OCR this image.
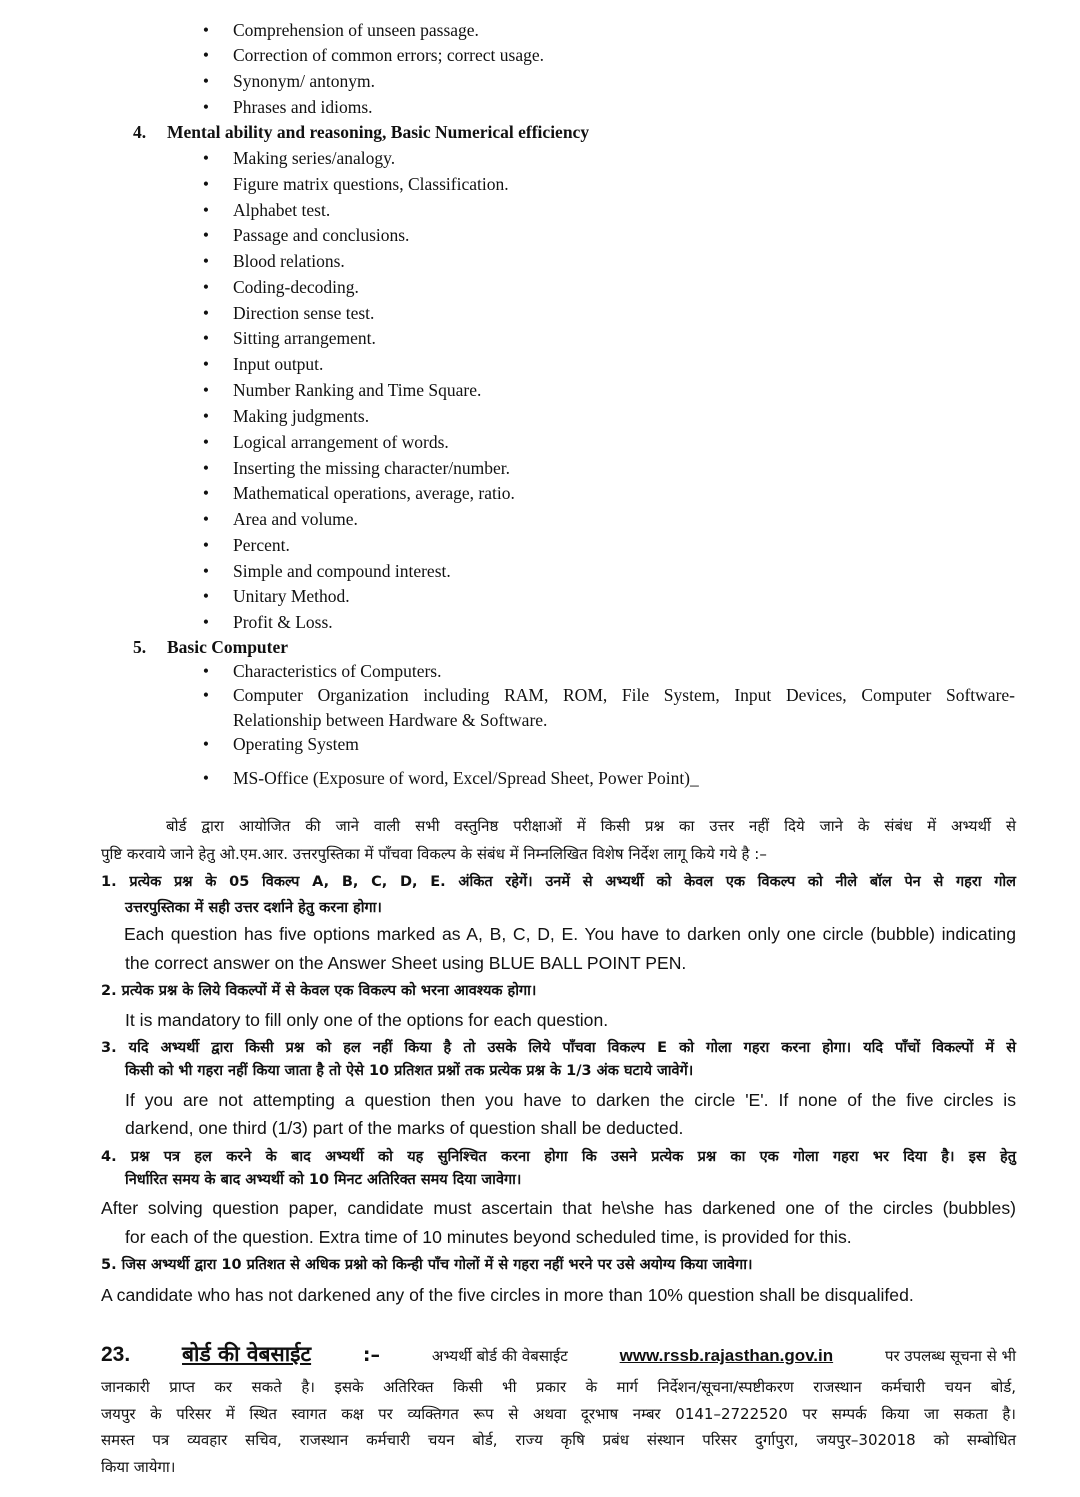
• Comprehension of unseen passage.
• Correction of common errors; correct usage.
• Synonym/ antonym.
• Phrases and idioms.
4. Mental ability and reasoning, Basic Numerical efficiency
• Making series/analogy.
• Figure matrix questions, Classification.
• Alphabet test.
• Passage and conclusions.
• Blood relations.
• Coding-decoding.
• Direction sense test.
• Sitting arrangement.
• Input output.
• Number Ranking and Time Square.
• Making judgments.
• Logical arrangement of words.
• Inserting the missing character/number.
• Mathematical operations, average, ratio.
• Area and volume.
• Percent.
• Simple and compound interest.
• Unitary Method.
• Profit & Loss.
5. Basic Computer
• Characteristics of Computers.
• Computer Organization including RAM, ROM, File System, Input Devices, Computer Software-
Relationship between Hardware & Software.
• Operating System
• MS-Office (Exposure of word, Excel/Spread Sheet, Power Point)_
बोर्ड द्वारा आयोजित की जाने वाली सभी वस्तुनिष्ठ परीक्षाओं में किसी प्रश्न का उत्तर नहीं दिये जाने के संबंध में अभ्यर्थी से
पुष्टि करवाये जाने हेतु ओ.एम.आर. उत्तरपुस्तिका में पाँचवा विकल्प के संबंध में निम्नलिखित विशेष निर्देश लागू किये गये है :–
1. प्रत्येक प्रश्न के 05 विकल्प A, B, C, D, E. अंकित रहेगें। उनमें से अभ्यर्थी को केवल एक विकल्प को नीले बॉल पेन से गहरा गोल
उत्तरपुस्तिका में सही उत्तर दर्शाने हेतु करना होगा।
Each question has five options marked as A, B, C, D, E. You have to darken only one circle (bubble) indicating
the correct answer on the Answer Sheet using BLUE BALL POINT PEN.
2. प्रत्येक प्रश्न के लिये विकल्पों में से केवल एक विकल्प को भरना आवश्यक होगा।
It is mandatory to fill only one of the options for each question.
3. यदि अभ्यर्थी द्वारा किसी प्रश्न को हल नहीं किया है तो उसके लिये पाँचवा विकल्प E को गोला गहरा करना होगा। यदि पाँचों विकल्पों में से
किसी को भी गहरा नहीं किया जाता है तो ऐसे 10 प्रतिशत प्रश्नों तक प्रत्येक प्रश्न के 1/3 अंक घटाये जावेगें।
If you are not attempting a question then you have to darken the circle 'E'. If none of the five circles is
darkend, one third (1/3) part of the marks of question shall be deducted.
4. प्रश्न पत्र हल करने के बाद अभ्यर्थी को यह सुनिश्चित करना होगा कि उसने प्रत्येक प्रश्न का एक गोला गहरा भर दिया है। इस हेतु
निर्धारित समय के बाद अभ्यर्थी को 10 मिनट अतिरिक्त समय दिया जावेगा।
After solving question paper, candidate must ascertain that he\she has darkened one of the circles (bubbles)
for each of the question. Extra time of 10 minutes beyond scheduled time, is provided for this.
5. जिस अभ्यर्थी द्वारा 10 प्रतिशत से अधिक प्रश्नो को किन्ही पाँच गोलों में से गहरा नहीं भरने पर उसे अयोग्य किया जावेगा।
A candidate who has not darkened any of the five circles in more than 10% question shall be disqualifed.
23. बोर्ड की वेबसाईट	:–	अभ्यर्थी बोर्ड की वेबसाईट	www.rssb.rajasthan.gov.in	पर उपलब्ध सूचना से भी
जानकारी प्राप्त कर सकते है। इसके अतिरिक्त किसी भी प्रकार के मार्ग निर्देशन/सूचना/स्पष्टीकरण राजस्थान कर्मचारी चयन बोर्ड,
जयपुर के परिसर में स्थित स्वागत कक्ष पर व्यक्तिगत रूप से अथवा दूरभाष नम्बर 0141–2722520 पर सम्पर्क किया जा सकता है।
समस्त पत्र व्यवहार सचिव, राजस्थान कर्मचारी चयन बोर्ड, राज्य कृषि प्रबंध संस्थान परिसर दुर्गापुरा, जयपुर–302018 को सम्बोधित
किया जायेगा।
